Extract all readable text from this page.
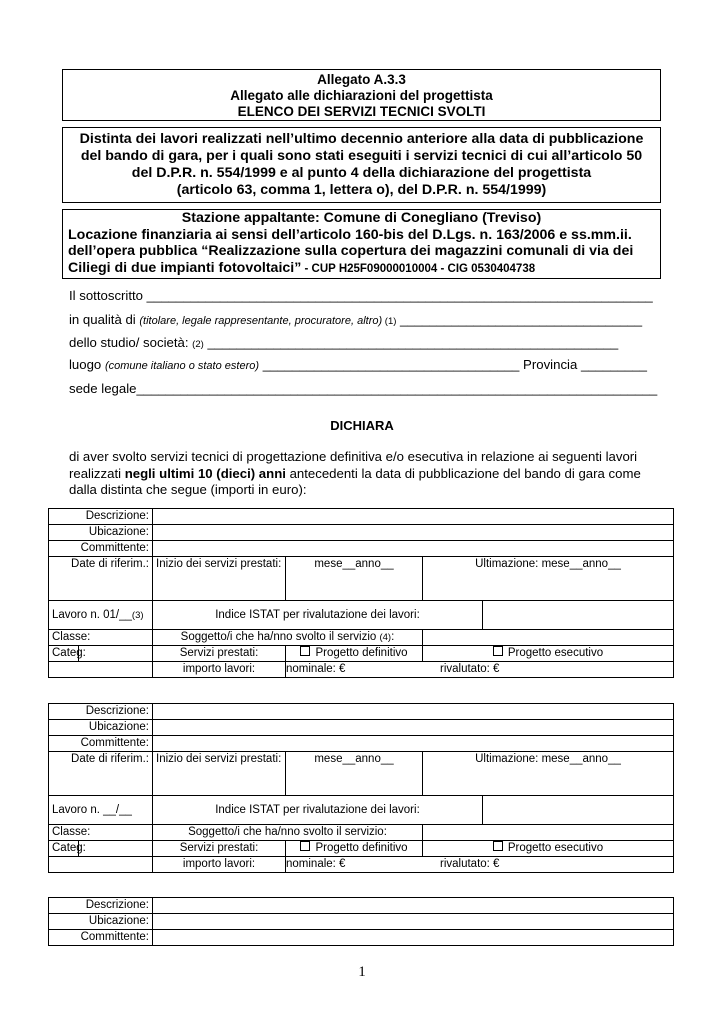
Allegato A.3.3
Allegato alle dichiarazioni del progettista
ELENCO DEI SERVIZI TECNICI SVOLTI
Distinta dei lavori realizzati nell’ultimo decennio anteriore alla data di pubblicazione
del bando di gara, per i quali sono stati eseguiti i servizi tecnici di cui all’articolo 50
del D.P.R. n. 554/1999 e al punto 4 della dichiarazione del progettista
(articolo 63, comma 1, lettera o), del D.P.R. n. 554/1999)
Stazione appaltante: Comune di Conegliano (Treviso)
Locazione finanziaria ai sensi dell’articolo 160-bis del D.Lgs. n. 163/2006 e ss.mm.ii.
dell’opera pubblica “Realizzazione sulla copertura dei magazzini comunali di via dei
Ciliegi di due impianti fotovoltaici” - CUP H25F09000010004 - CIG 0530404738
Il sottoscritto _____________________________________________________________________
in qualità di (titolare, legale rappresentante, procuratore, altro) (1) _________________________________
dello studio/ società: (2) ________________________________________________________
luogo (comune italiano o stato estero) ___________________________________ Provincia _________
sede legale_______________________________________________________________________
DICHIARA
di aver svolto servizi tecnici di progettazione definitiva e/o esecutiva in relazione ai seguenti lavori realizzati negli ultimi 10 (dieci) anni antecedenti la data di pubblicazione del bando di gara come dalla distinta che segue (importi in euro):
Descrizione:					
Ubicazione:					
Committente:					
Date di riferim.:		Inizio dei servizi prestati:	mese__anno__	Ultimazione: mese__anno__	
Lavoro n. 01/__(3)		Indice ISTAT per rivalutazione dei lavori:			
Classe:		Soggetto/i che ha/nno svolto il servizio (4):			
Categ:		Servizi prestati:	Progetto definitivo	Progetto esecutivo	
		importo lavori:	nominale: € rivalutato: €		
Descrizione:					
Ubicazione:					
Committente:					
Date di riferim.:		Inizio dei servizi prestati:	mese__anno__	Ultimazione: mese__anno__	
Lavoro n. __/__		Indice ISTAT per rivalutazione dei lavori:			
Classe:		Soggetto/i che ha/nno svolto il servizio:			
Categ:		Servizi prestati:	Progetto definitivo	Progetto esecutivo	
		importo lavori:	nominale: € rivalutato: €		
Descrizione:	
Ubicazione:	
Committente:	
1
